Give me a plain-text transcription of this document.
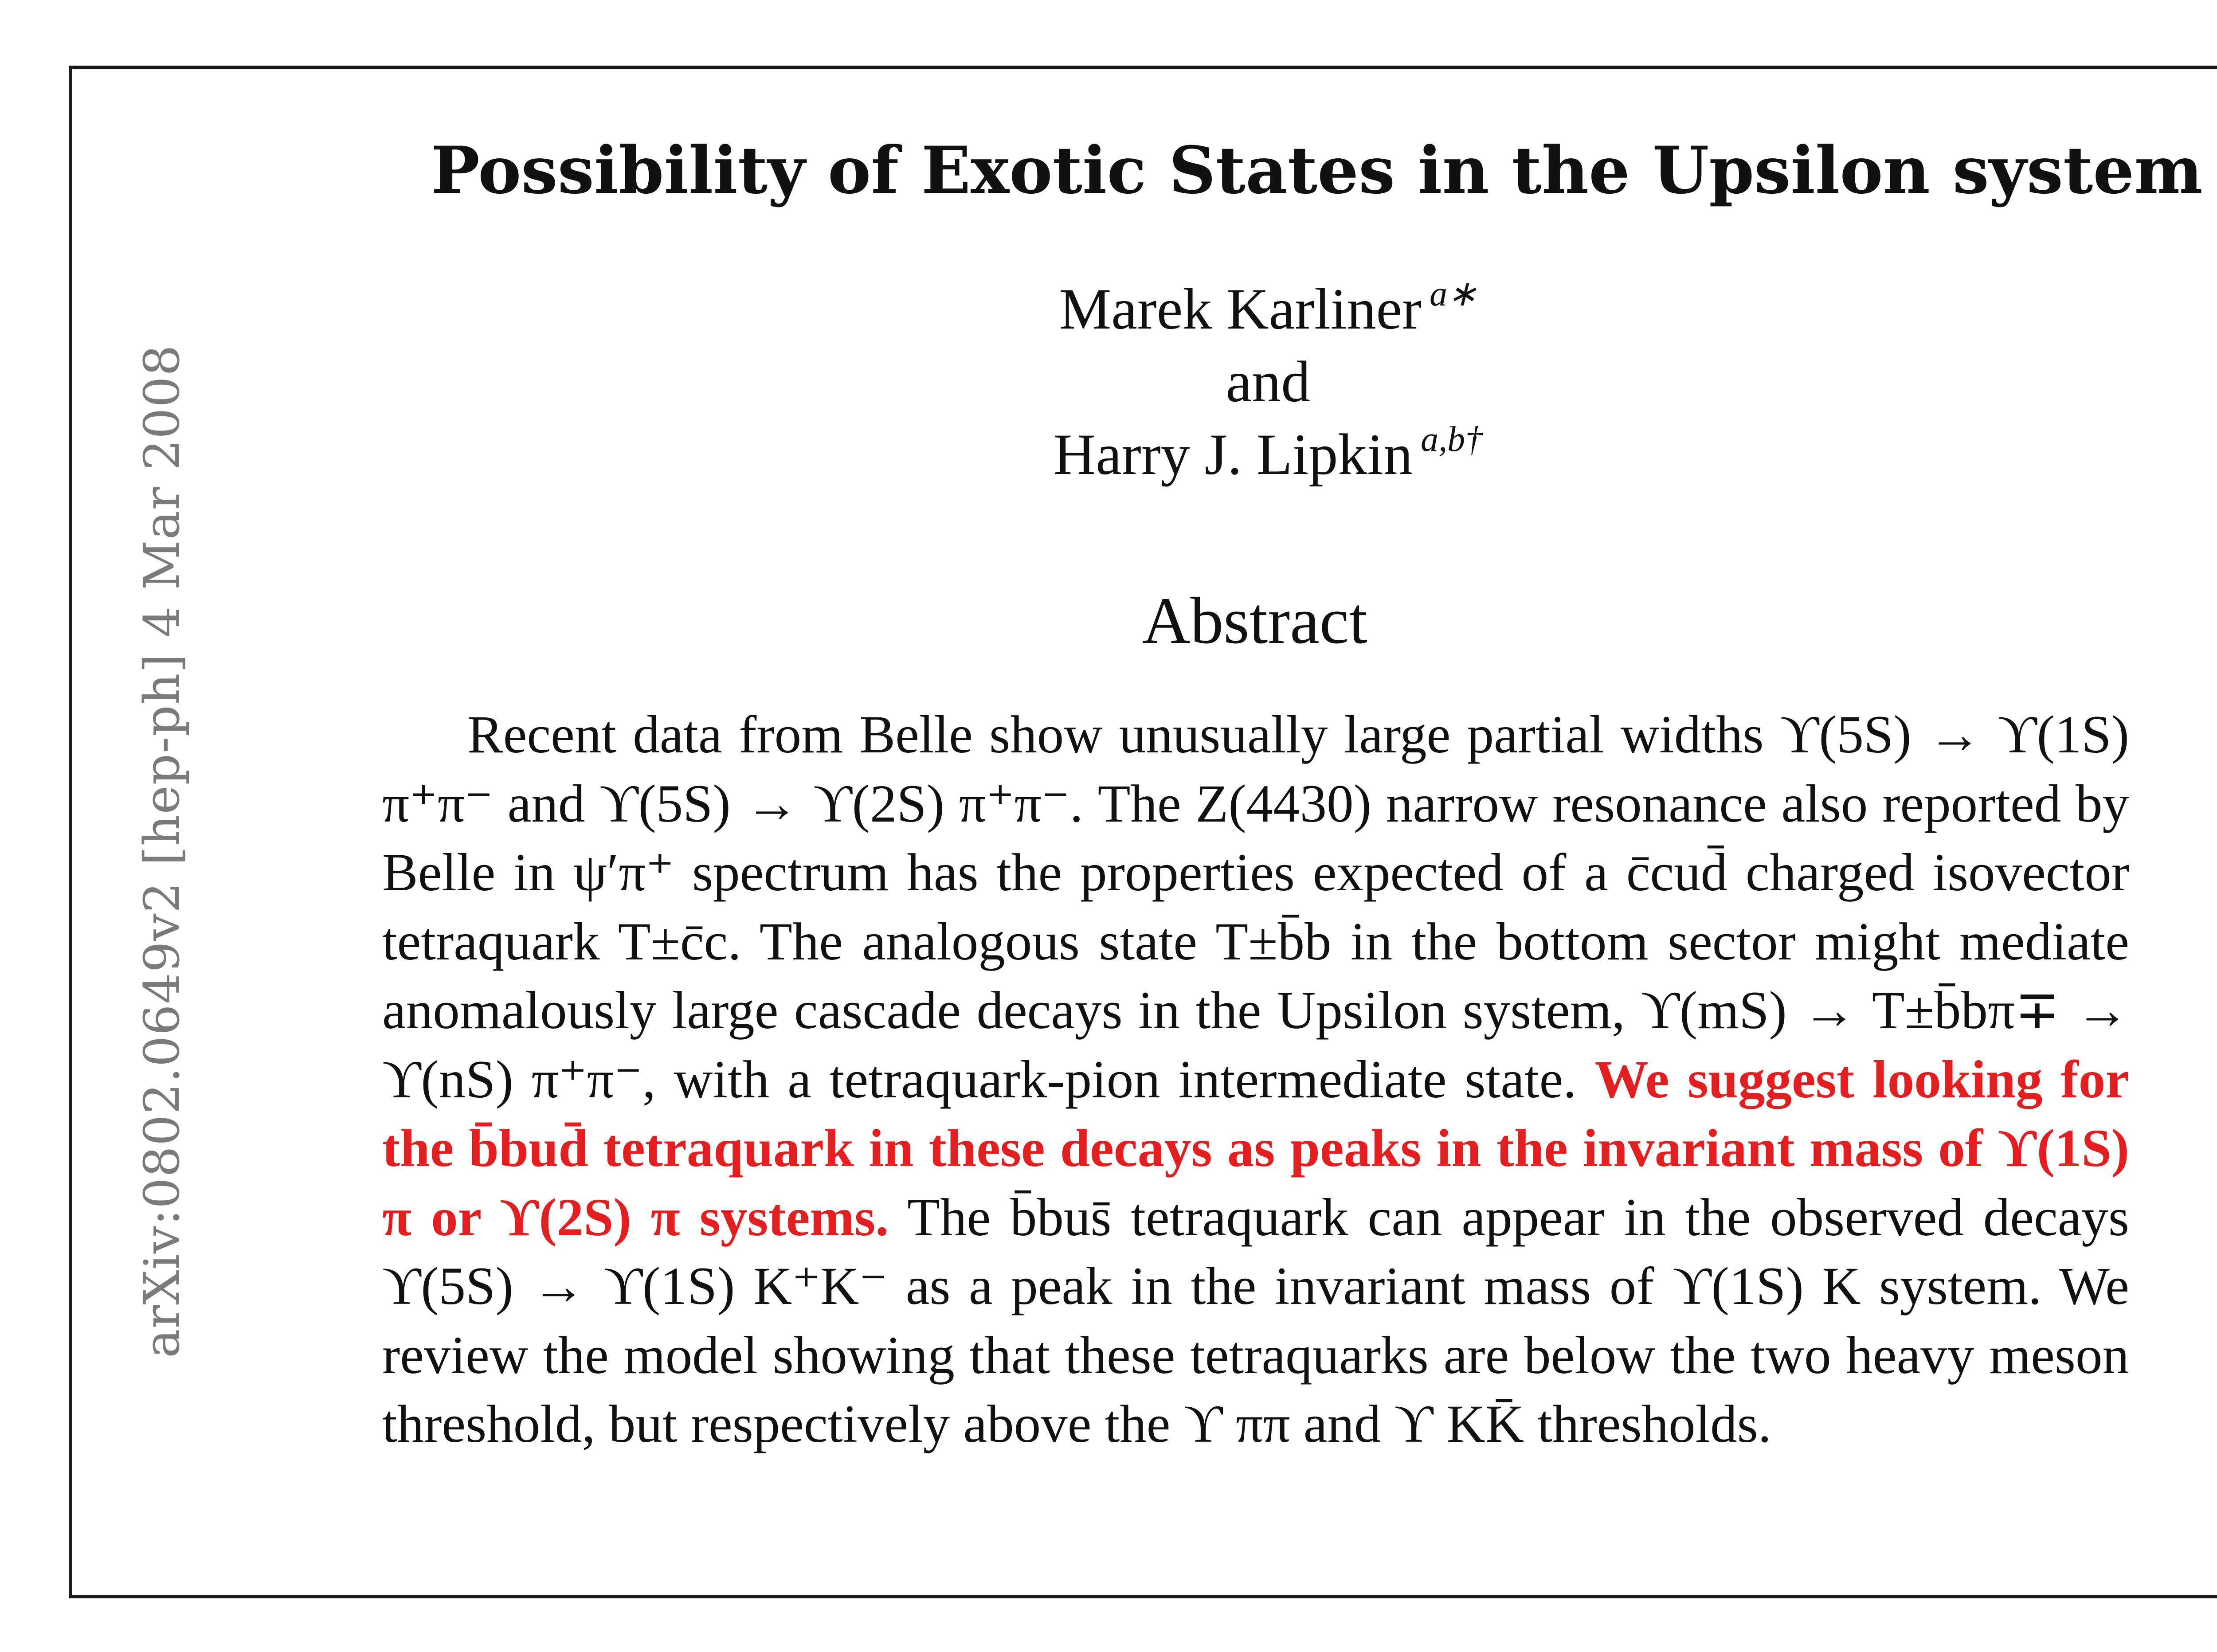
arXiv:0802.0649v2 [hep-ph] 4 Mar 2008
Possibility of Exotic States in the Upsilon system
Marek Karliner $^{a∗}$
and
Harry J. Lipkin $^{a,b\dagger}$
Abstract
Recent data from Belle show unusually large partial widths ϒ(5S) → ϒ(1S) π⁺π⁻ and ϒ(5S) → ϒ(2S) π⁺π⁻. The Z(4430) narrow resonance also reported by Belle in ψ′π⁺ spectrum has the properties expected of a c̄cud̄ charged isovector tetraquark T±c̄c. The analogous state T±b̄b in the bottom sector might mediate anomalously large cascade decays in the Upsilon system, ϒ(mS) → T±b̄bπ∓ → ϒ(nS) π⁺π⁻, with a tetraquark-pion intermediate state. We suggest looking for the b̄bud̄ tetraquark in these decays as peaks in the invariant mass of ϒ(1S) π or ϒ(2S) π systems. The b̄bus̄ tetraquark can appear in the observed decays ϒ(5S) → ϒ(1S) K⁺K⁻ as a peak in the invariant mass of ϒ(1S) K system. We review the model showing that these tetraquarks are below the two heavy meson threshold, but respectively above the ϒ ππ and ϒ KK̄ thresholds.
